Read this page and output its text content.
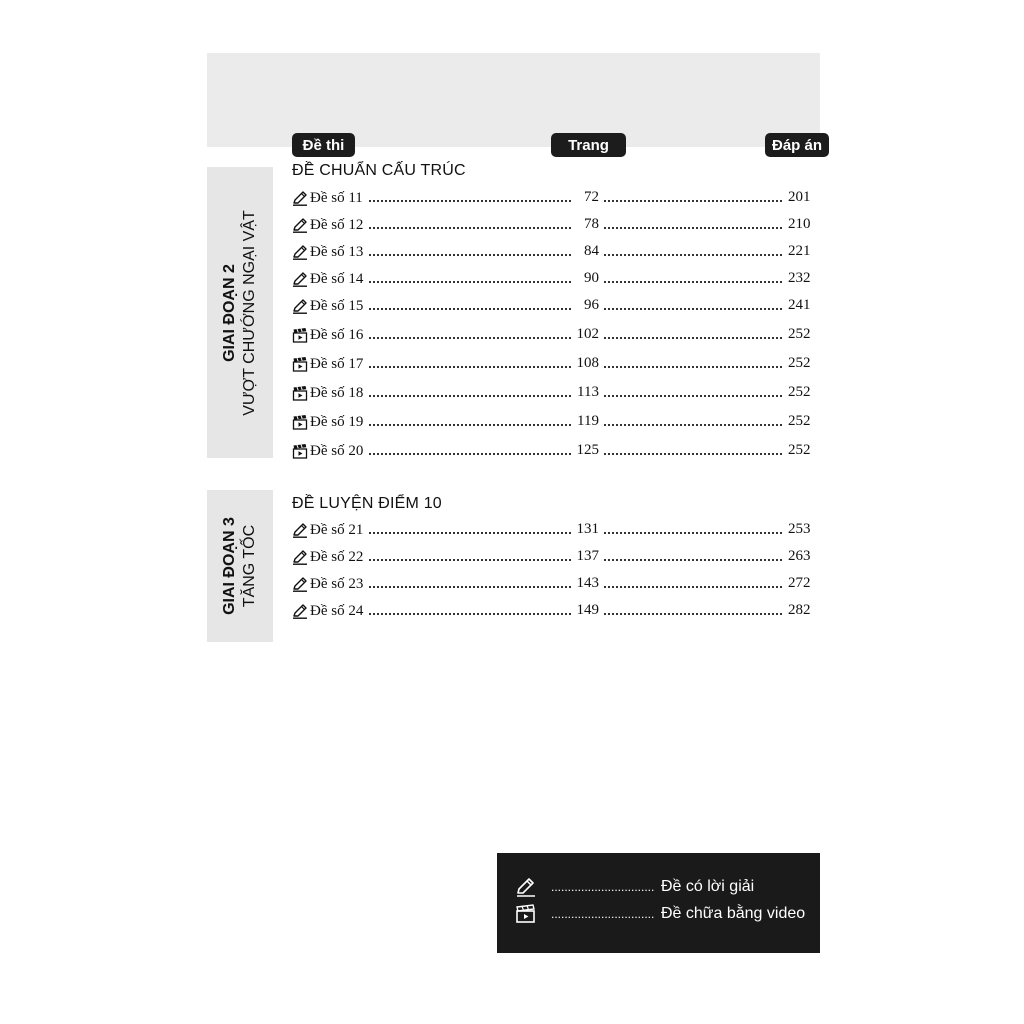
Đề thi	Trang	Đáp án
GIAI ĐOẠN 2 VƯỢT CHƯỚNG NGẠI VẬT
GIAI ĐOẠN 3 TĂNG TỐC
ĐỀ CHUẨN CẤU TRÚC
ĐỀ LUYỆN ĐIỂM 10
Đề số 11	72	201
Đề số 12	78	210
Đề số 13	84	221
Đề số 14	90	232
Đề số 15	96	241
Đề số 16	102	252
Đề số 17	108	252
Đề số 18	113	252
Đề số 19	119	252
Đề số 20	125	252
Đề số 21	131	253
Đề số 22	137	263
Đề số 23	143	272
Đề số 24	149	282
............................... Đề có lời giải
............................... Đề chữa bằng video
